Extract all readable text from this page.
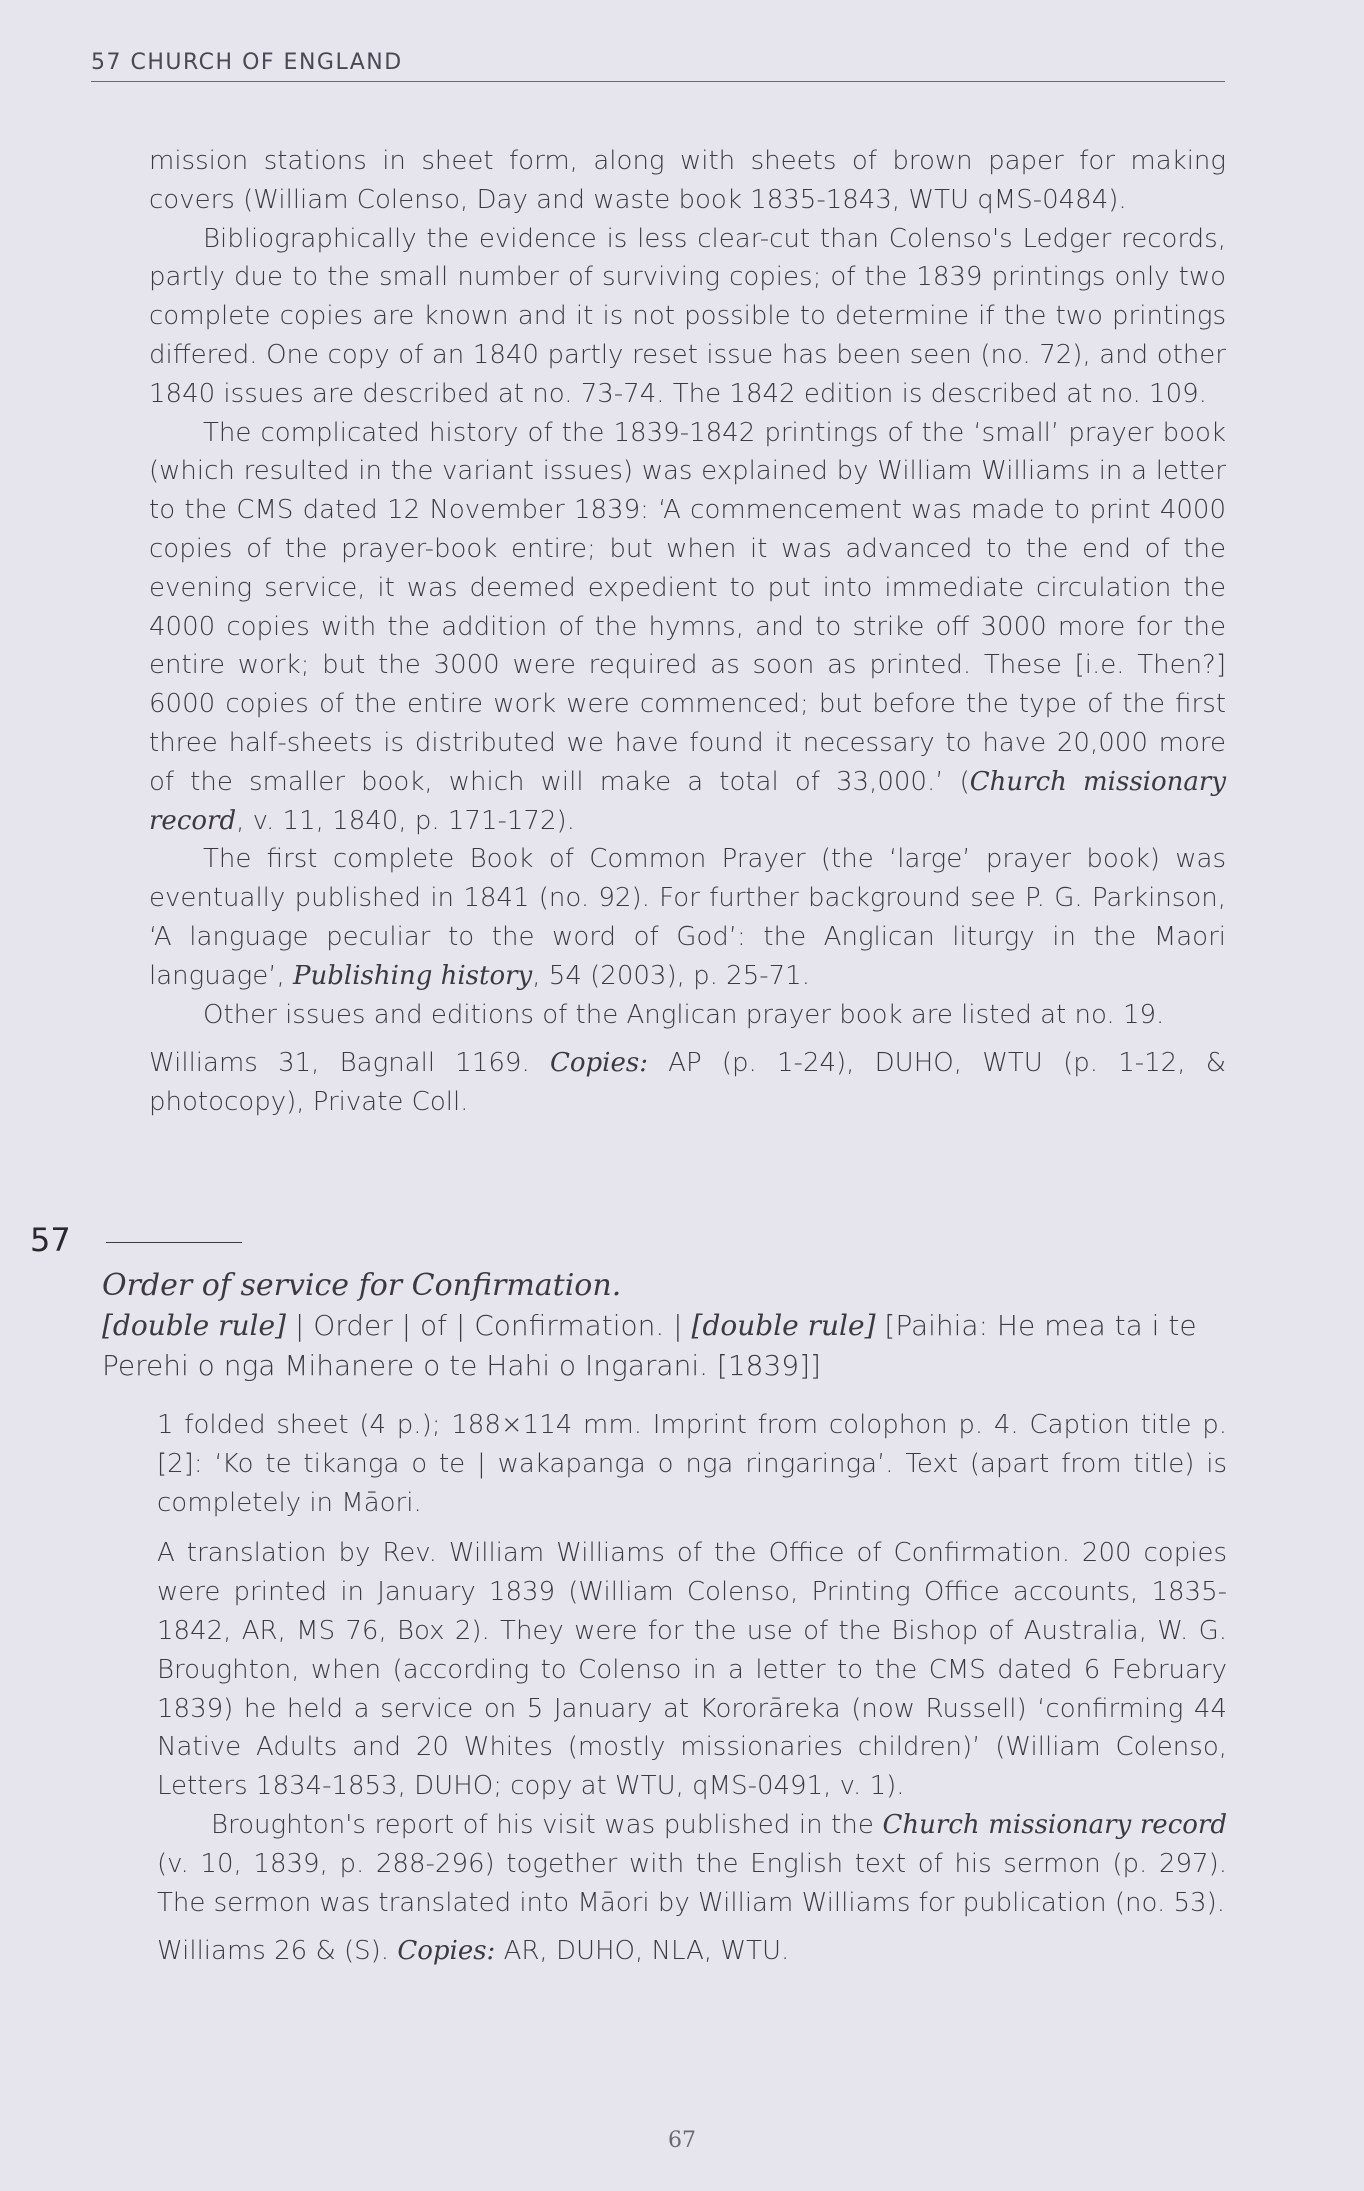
57 CHURCH OF ENGLAND

mission stations in sheet form, along with sheets of brown paper for making covers (William Colenso, Day and waste book 1835-1843, WTU qMS-0484).

Bibliographically the evidence is less clear-cut than Colenso's Ledger records, partly due to the small number of surviving copies; of the 1839 printings only two complete copies are known and it is not possible to determine if the two printings differed. One copy of an 1840 partly reset issue has been seen (no. 72), and other 1840 issues are described at no. 73-74. The 1842 edition is described at no. 109.

The complicated history of the 1839-1842 printings of the ‘small’ prayer book (which resulted in the variant issues) was explained by William Williams in a letter to the CMS dated 12 November 1839: ‘A commencement was made to print 4000 copies of the prayer-book entire; but when it was advanced to the end of the evening service, it was deemed expedient to put into immediate circulation the 4000 copies with the addition of the hymns, and to strike off 3000 more for the entire work; but the 3000 were required as soon as printed. These [i.e. Then?] 6000 copies of the entire work were commenced; but before the type of the first three half-sheets is distributed we have found it necessary to have 20,000 more of the smaller book, which will make a total of 33,000.’ (Church missionary record, v. 11, 1840, p. 171-172).

The first complete Book of Common Prayer (the ‘large’ prayer book) was eventually published in 1841 (no. 92). For further background see P. G. Parkinson, ‘A language peculiar to the word of God’: the Anglican liturgy in the Maori language’, Publishing history, 54 (2003), p. 25-71.

Other issues and editions of the Anglican prayer book are listed at no. 19.

Williams 31, Bagnall 1169. Copies: AP (p. 1-24), DUHO, WTU (p. 1-12, & photocopy), Private Coll.

57

Order of service for Confirmation.

[double rule] | Order | of | Confirmation. | [double rule] [Paihia: He mea ta i te Perehi o nga Mihanere o te Hahi o Ingarani. [1839]]

1 folded sheet (4 p.); 188×114 mm. Imprint from colophon p. 4. Caption title p. [2]: ‘Ko te tikanga o te | wakapanga o nga ringaringa’. Text (apart from title) is completely in Māori.

A translation by Rev. William Williams of the Office of Confirmation. 200 copies were printed in January 1839 (William Colenso, Printing Office accounts, 1835-1842, AR, MS 76, Box 2). They were for the use of the Bishop of Australia, W. G. Broughton, when (according to Colenso in a letter to the CMS dated 6 February 1839) he held a service on 5 January at Kororāreka (now Russell) ‘confirming 44 Native Adults and 20 Whites (mostly missionaries children)’ (William Colenso, Letters 1834-1853, DUHO; copy at WTU, qMS-0491, v. 1).

Broughton's report of his visit was published in the Church missionary record (v. 10, 1839, p. 288-296) together with the English text of his sermon (p. 297). The sermon was translated into Māori by William Williams for publication (no. 53).

Williams 26 & (S). Copies: AR, DUHO, NLA, WTU.

67
